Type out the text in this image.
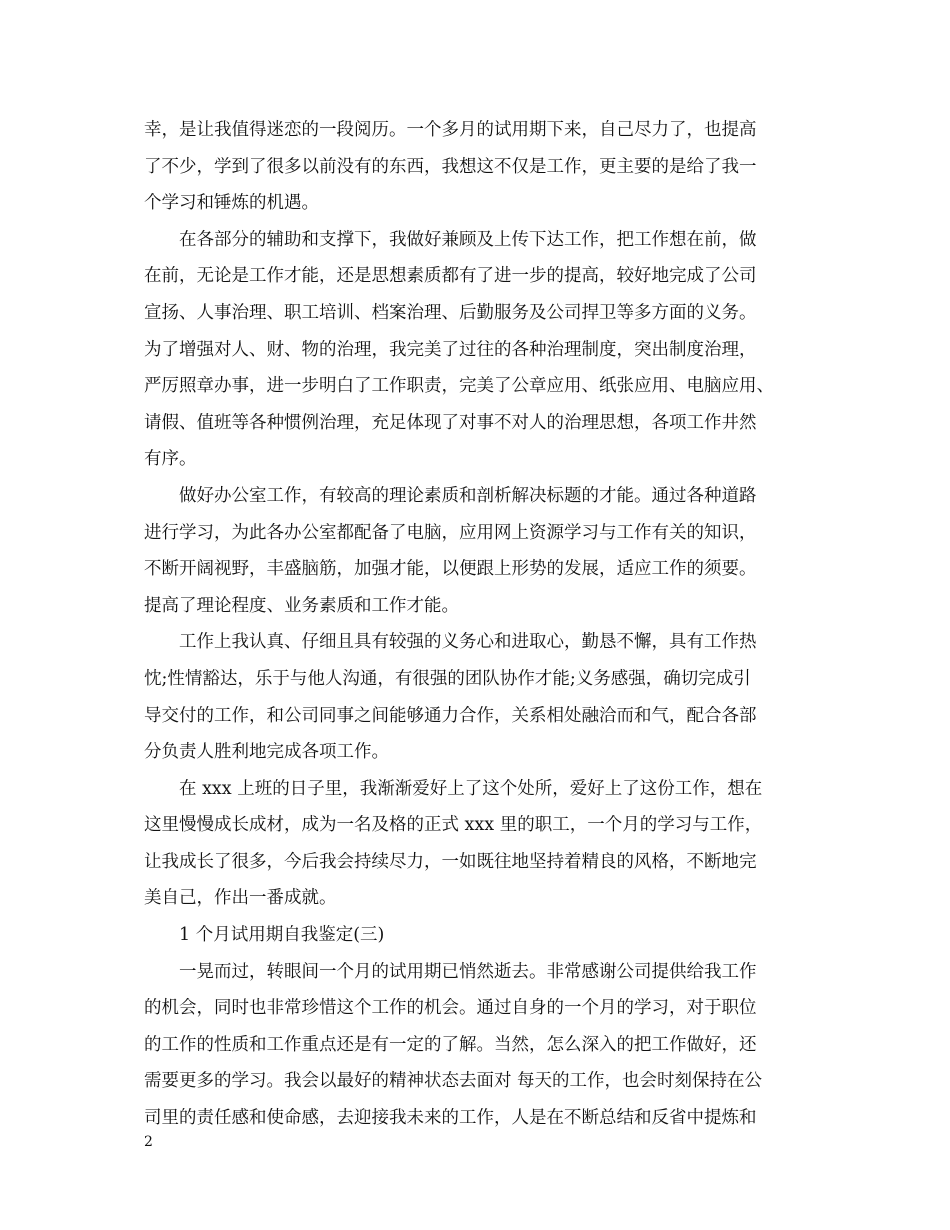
幸，是让我值得迷恋的一段阅历。一个多月的试用期下来，自己尽力了，也提高
了不少，学到了很多以前没有的东西，我想这不仅是工作，更主要的是给了我一
个学习和锤炼的机遇。

在各部分的辅助和支撑下，我做好兼顾及上传下达工作，把工作想在前，做
在前，无论是工作才能，还是思想素质都有了进一步的提高，较好地完成了公司
宣扬、人事治理、职工培训、档案治理、后勤服务及公司捍卫等多方面的义务。
为了增强对人、财、物的治理，我完美了过往的各种治理制度，突出制度治理，
严厉照章办事，进一步明白了工作职责，完美了公章应用、纸张应用、电脑应用、
请假、值班等各种惯例治理，充足体现了对事不对人的治理思想，各项工作井然
有序。

做好办公室工作，有较高的理论素质和剖析解决标题的才能。通过各种道路
进行学习，为此各办公室都配备了电脑，应用网上资源学习与工作有关的知识，
不断开阔视野，丰盛脑筋，加强才能，以便跟上形势的发展，适应工作的须要。
提高了理论程度、业务素质和工作才能。

工作上我认真、仔细且具有较强的义务心和进取心，勤恳不懈，具有工作热
忱;性情豁达，乐于与他人沟通，有很强的团队协作才能;义务感强，确切完成引
导交付的工作，和公司同事之间能够通力合作，关系相处融洽而和气，配合各部
分负责人胜利地完成各项工作。

在 xxx 上班的日子里，我渐渐爱好上了这个处所，爱好上了这份工作，想在
这里慢慢成长成材，成为一名及格的正式 xxx 里的职工，一个月的学习与工作，
让我成长了很多，今后我会持续尽力，一如既往地坚持着精良的风格，不断地完
美自己，作出一番成就。

1 个月试用期自我鉴定(三)

一晃而过，转眼间一个月的试用期已悄然逝去。非常感谢公司提供给我工作
的机会，同时也非常珍惜这个工作的机会。通过自身的一个月的学习，对于职位
的工作的性质和工作重点还是有一定的了解。当然，怎么深入的把工作做好，还
需要更多的学习。我会以最好的精神状态去面对 每天的工作，也会时刻保持在公
司里的责任感和使命感，去迎接我未来的工作，人是在不断总结和反省中提炼和

2
